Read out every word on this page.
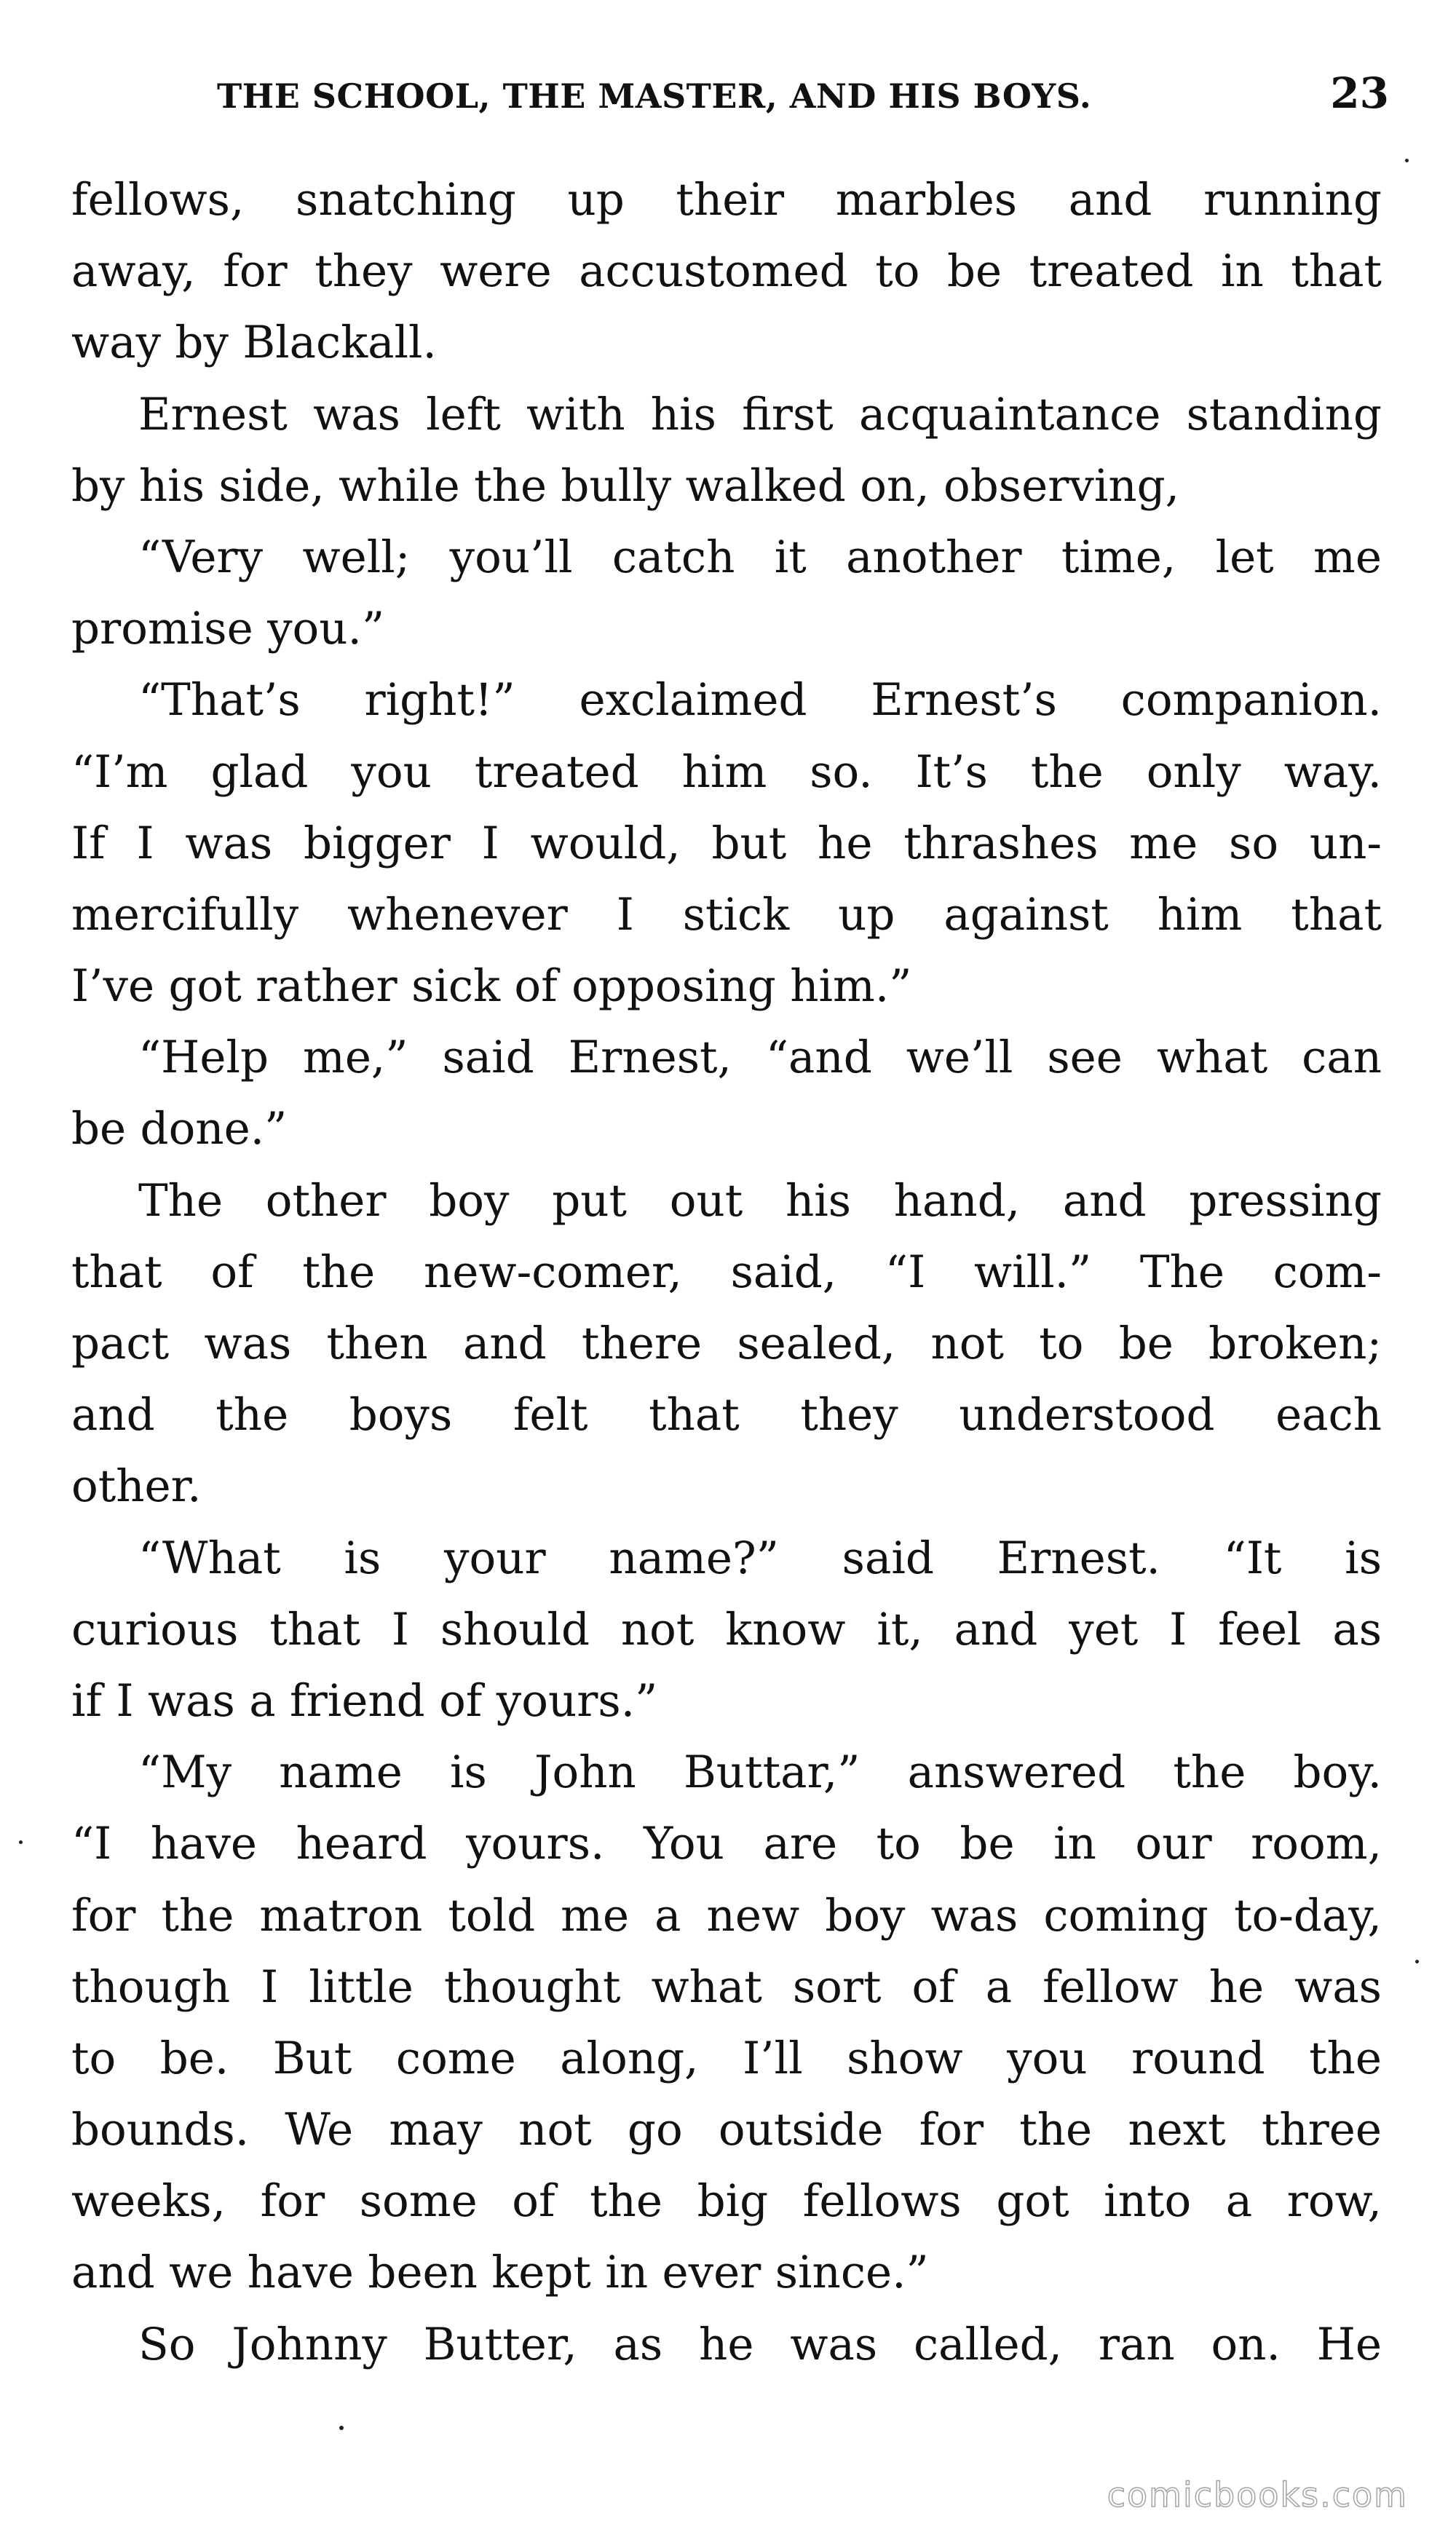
THE SCHOOL, THE MASTER, AND HIS BOYS.	23
fellows, snatching up their marbles and running
away, for they were accustomed to be treated in that
way by Blackall.
Ernest was left with his first acquaintance standing
by his side, while the bully walked on, observing,
“Very well; you’ll catch it another time, let me
promise you.”
“That’s right!” exclaimed Ernest’s companion.
“I’m glad you treated him so. It’s the only way.
If I was bigger I would, but he thrashes me so un-
mercifully whenever I stick up against him that
I’ve got rather sick of opposing him.”
“Help me,” said Ernest, “and we’ll see what can
be done.”
The other boy put out his hand, and pressing
that of the new-comer, said, “I will.” The com-
pact was then and there sealed, not to be broken;
and the boys felt that they understood each
other.
“What is your name?” said Ernest. “It is
curious that I should not know it, and yet I feel as
if I was a friend of yours.”
“My name is John Buttar,” answered the boy.
“I have heard yours. You are to be in our room,
for the matron told me a new boy was coming to-day,
though I little thought what sort of a fellow he was
to be. But come along, I’ll show you round the
bounds. We may not go outside for the next three
weeks, for some of the big fellows got into a row,
and we have been kept in ever since.”
So Johnny Butter, as he was called, ran on. He
comicbooks.com
